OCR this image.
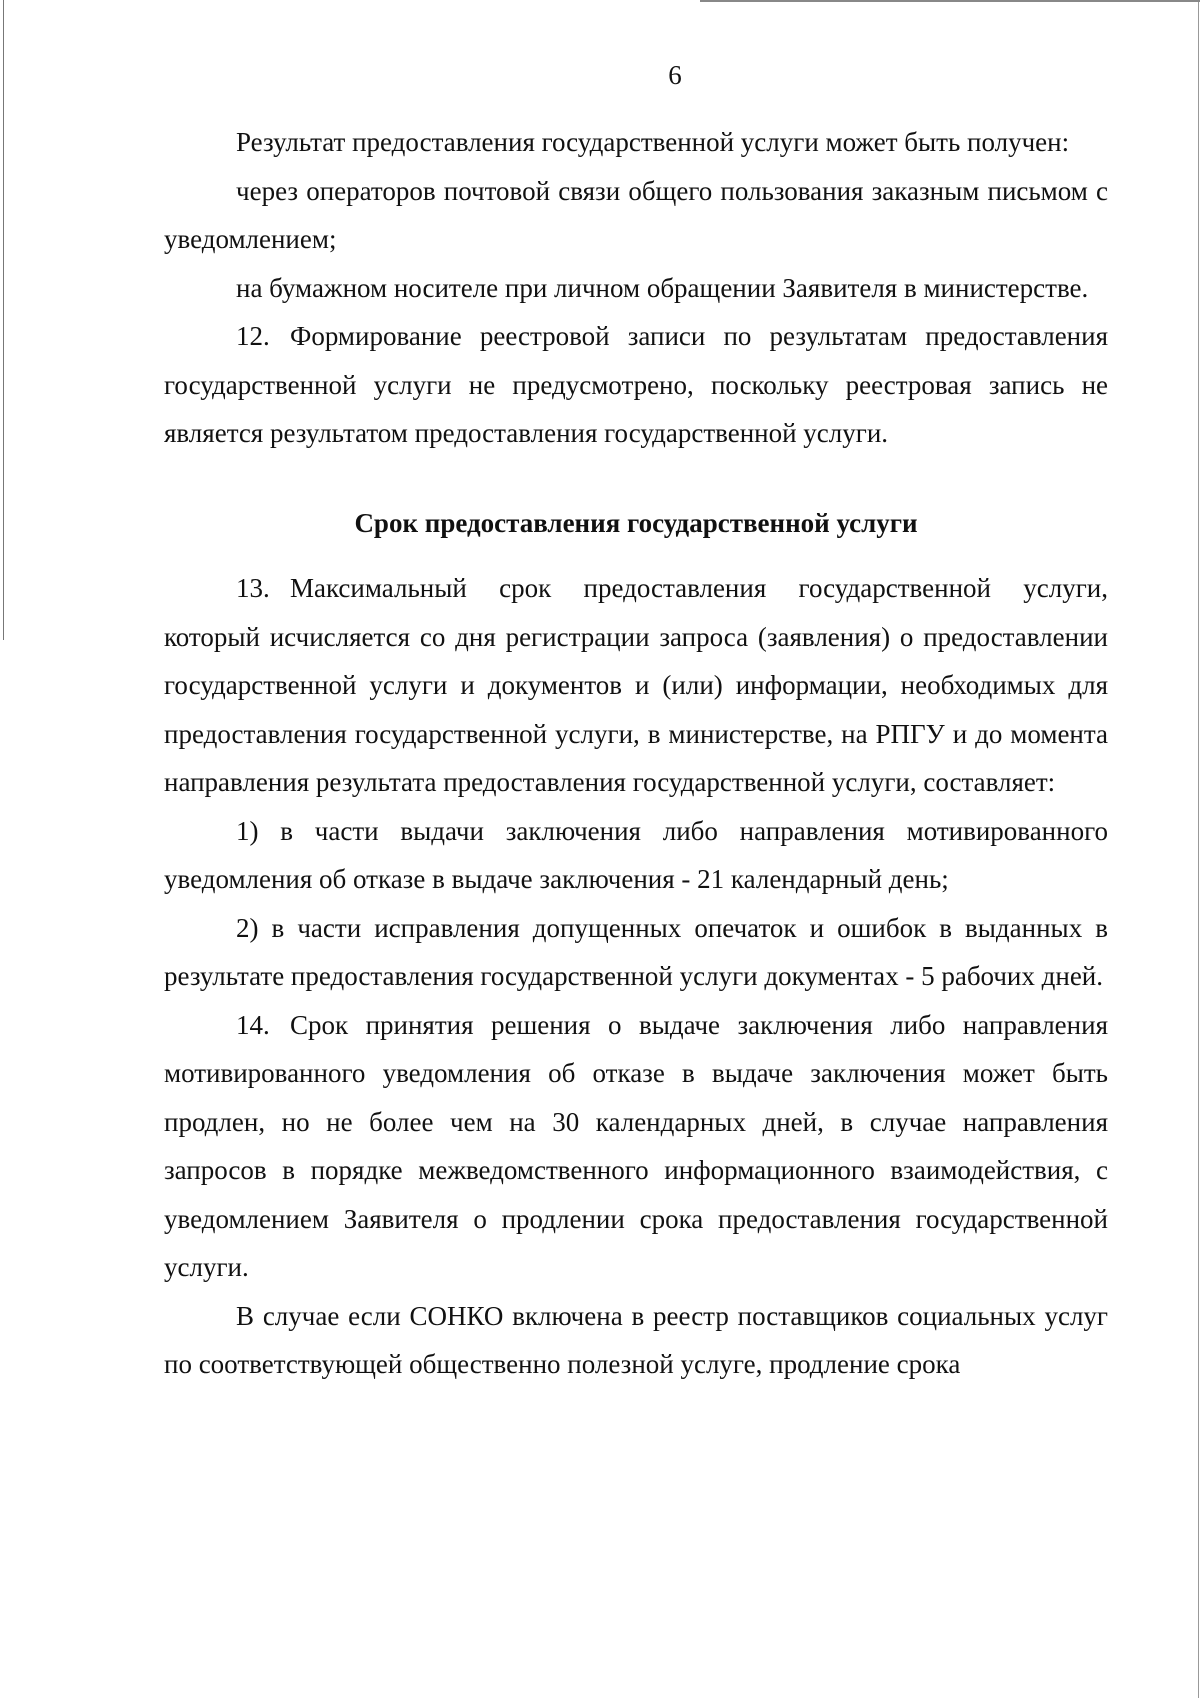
6

Результат предоставления государственной услуги может быть получен:

через операторов почтовой связи общего пользования заказным письмом с уведомлением;

на бумажном носителе при личном обращении Заявителя в министерстве.

12. Формирование реестровой записи по результатам предоставления государственной услуги не предусмотрено, поскольку реестровая запись не является результатом предоставления государственной услуги.

Срок предоставления государственной услуги

13. Максимальный срок предоставления государственной услуги, который исчисляется со дня регистрации запроса (заявления) о предоставлении государственной услуги и документов и (или) информации, необходимых для предоставления государственной услуги, в министерстве, на РПГУ и до момента направления результата предоставления государственной услуги, составляет:

1) в части выдачи заключения либо направления мотивированного уведомления об отказе в выдаче заключения - 21 календарный день;

2) в части исправления допущенных опечаток и ошибок в выданных в результате предоставления государственной услуги документах - 5 рабочих дней.

14. Срок принятия решения о выдаче заключения либо направления мотивированного уведомления об отказе в выдаче заключения может быть продлен, но не более чем на 30 календарных дней, в случае направления запросов в порядке межведомственного информационного взаимодействия, с уведомлением Заявителя о продлении срока предоставления государственной услуги.

В случае если СОНКО включена в реестр поставщиков социальных услуг по соответствующей общественно полезной услуге, продление срока
